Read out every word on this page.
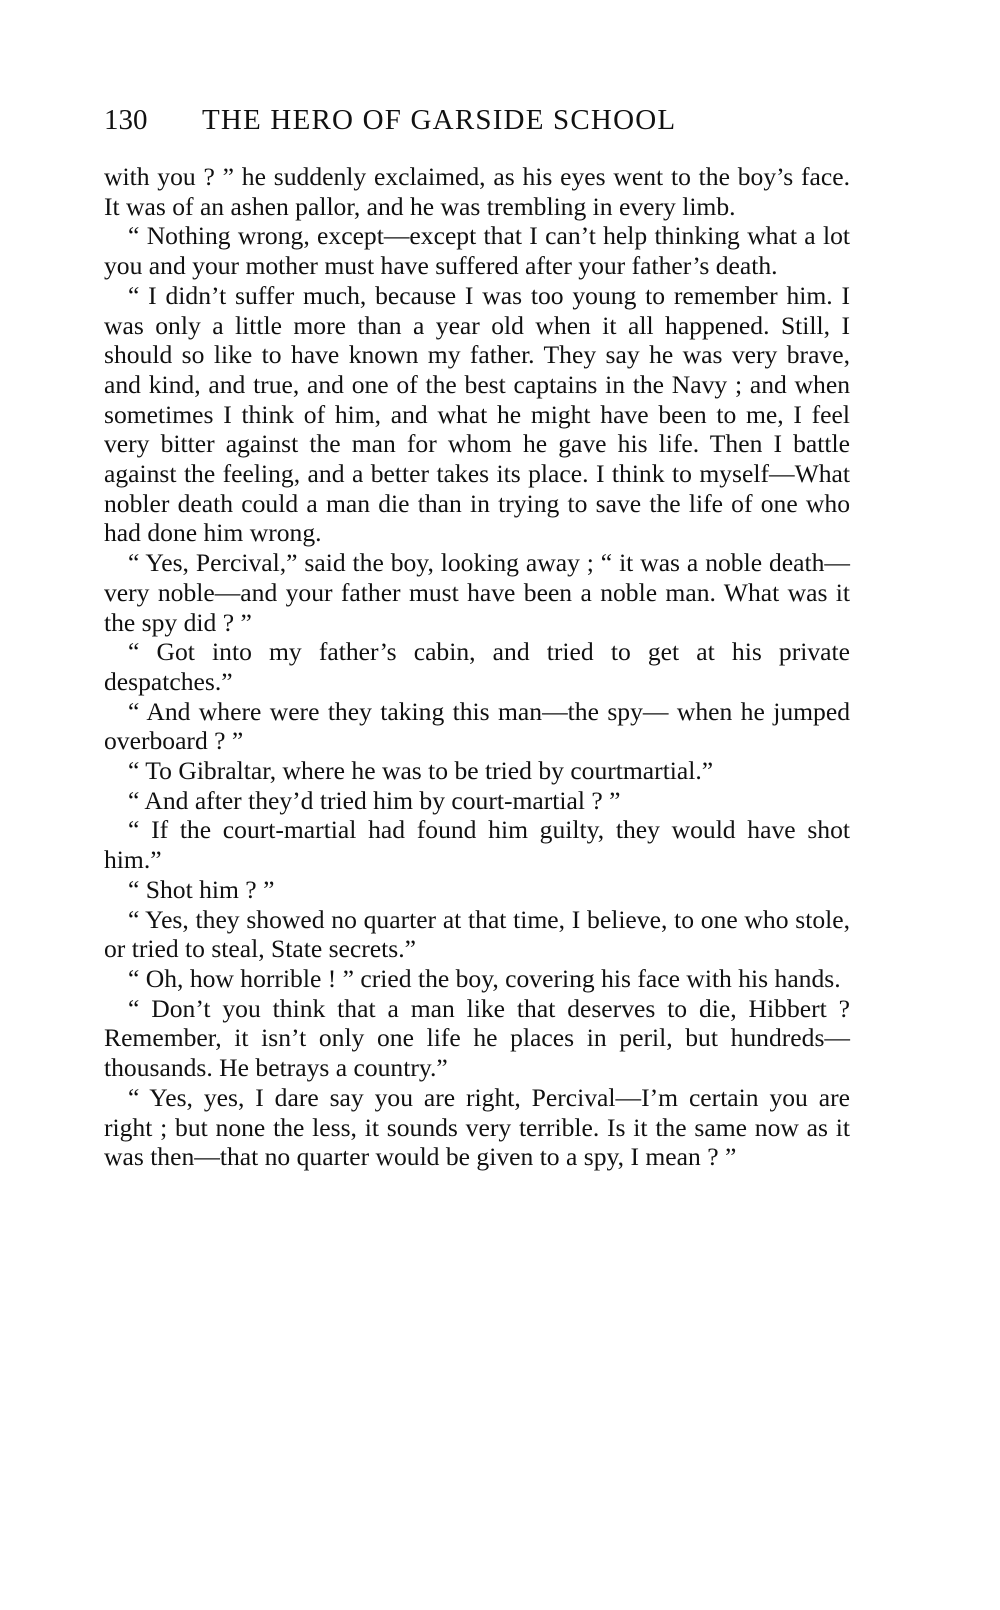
130	THE HERO OF GARSIDE SCHOOL

with you ? ” he suddenly exclaimed, as his eyes went to the boy’s face. It was of an ashen pallor, and he was trembling in every limb.

“ Nothing wrong, except—except that I can’t help thinking what a lot you and your mother must have suffered after your father’s death.

“ I didn’t suffer much, because I was too young to remember him. I was only a little more than a year old when it all happened. Still, I should so like to have known my father. They say he was very brave, and kind, and true, and one of the best captains in the Navy ; and when sometimes I think of him, and what he might have been to me, I feel very bitter against the man for whom he gave his life. Then I battle against the feeling, and a better takes its place. I think to myself—What nobler death could a man die than in trying to save the life of one who had done him wrong.

“ Yes, Percival,” said the boy, looking away ; “ it was a noble death—very noble—and your father must have been a noble man. What was it the spy did ? ”

“ Got into my father’s cabin, and tried to get at his private despatches.”

“ And where were they taking this man—the spy— when he jumped overboard ? ”

“ To Gibraltar, where he was to be tried by courtmartial.”

“ And after they’d tried him by court-martial ? ”

“ If the court-martial had found him guilty, they would have shot him.”

“ Shot him ? ”

“ Yes, they showed no quarter at that time, I believe, to one who stole, or tried to steal, State secrets.”

“ Oh, how horrible ! ” cried the boy, covering his face with his hands.

“ Don’t you think that a man like that deserves to die, Hibbert ? Remember, it isn’t only one life he places in peril, but hundreds—thousands. He betrays a country.”

“ Yes, yes, I dare say you are right, Percival—I’m certain you are right ; but none the less, it sounds very terrible. Is it the same now as it was then—that no quarter would be given to a spy, I mean ? ”
